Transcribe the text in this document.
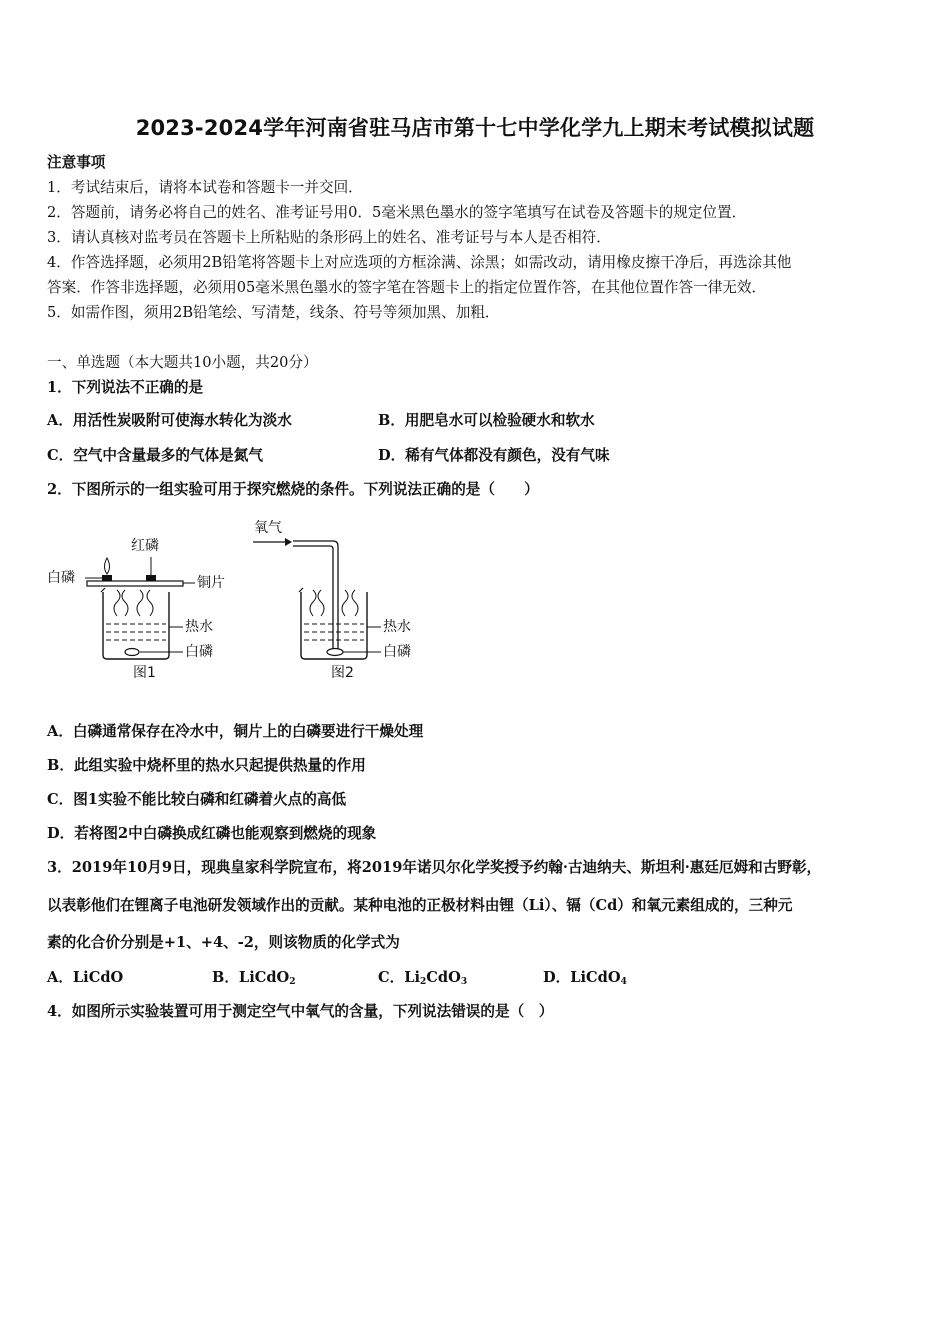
2023-2024学年河南省驻马店市第十七中学化学九上期末考试模拟试题
注意事项
1．考试结束后，请将本试卷和答题卡一并交回．
2．答题前，请务必将自己的姓名、准考证号用0．5毫米黑色墨水的签字笔填写在试卷及答题卡的规定位置．
3．请认真核对监考员在答题卡上所粘贴的条形码上的姓名、准考证号与本人是否相符．
4．作答选择题，必须用2B铅笔将答题卡上对应选项的方框涂满、涂黑；如需改动，请用橡皮擦干净后，再选涂其他
答案．作答非选择题，必须用05毫米黑色墨水的签字笔在答题卡上的指定位置作答，在其他位置作答一律无效．
5．如需作图，须用2B铅笔绘、写清楚，线条、符号等须加黑、加粗．
一、单选题（本大题共10小题，共20分）
1．下列说法不正确的是
A．用活性炭吸附可使海水转化为淡水	B．用肥皂水可以检验硬水和软水
C．空气中含量最多的气体是氮气	D．稀有气体都没有颜色，没有气味
2．下图所示的一组实验可用于探究燃烧的条件。下列说法正确的是（　　）
红磷
白磷	铜片
热水
白磷
图1
氧气
热水
白磷
图2
A．白磷通常保存在冷水中，铜片上的白磷要进行干燥处理
B．此组实验中烧杯里的热水只起提供热量的作用
C．图1实验不能比较白磷和红磷着火点的高低
D．若将图2中白磷换成红磷也能观察到燃烧的现象
3．2019年10月9日，现典皇家科学院宣布，将2019年诺贝尔化学奖授予约翰·古迪纳夫、斯坦利·惠廷厄姆和古野彰，
以表彰他们在锂离子电池研发领域作出的贡献。某种电池的正极材料由锂（Li）、镉（Cd）和氧元素组成的，三种元
素的化合价分别是+1、+4、-2，则该物质的化学式为
A．LiCdO	B．LiCdO$_2$	C．$Li_2CdO_3$	D．LiCdO$_4$
4．如图所示实验装置可用于测定空气中氧气的含量，下列说法错误的是（　）
